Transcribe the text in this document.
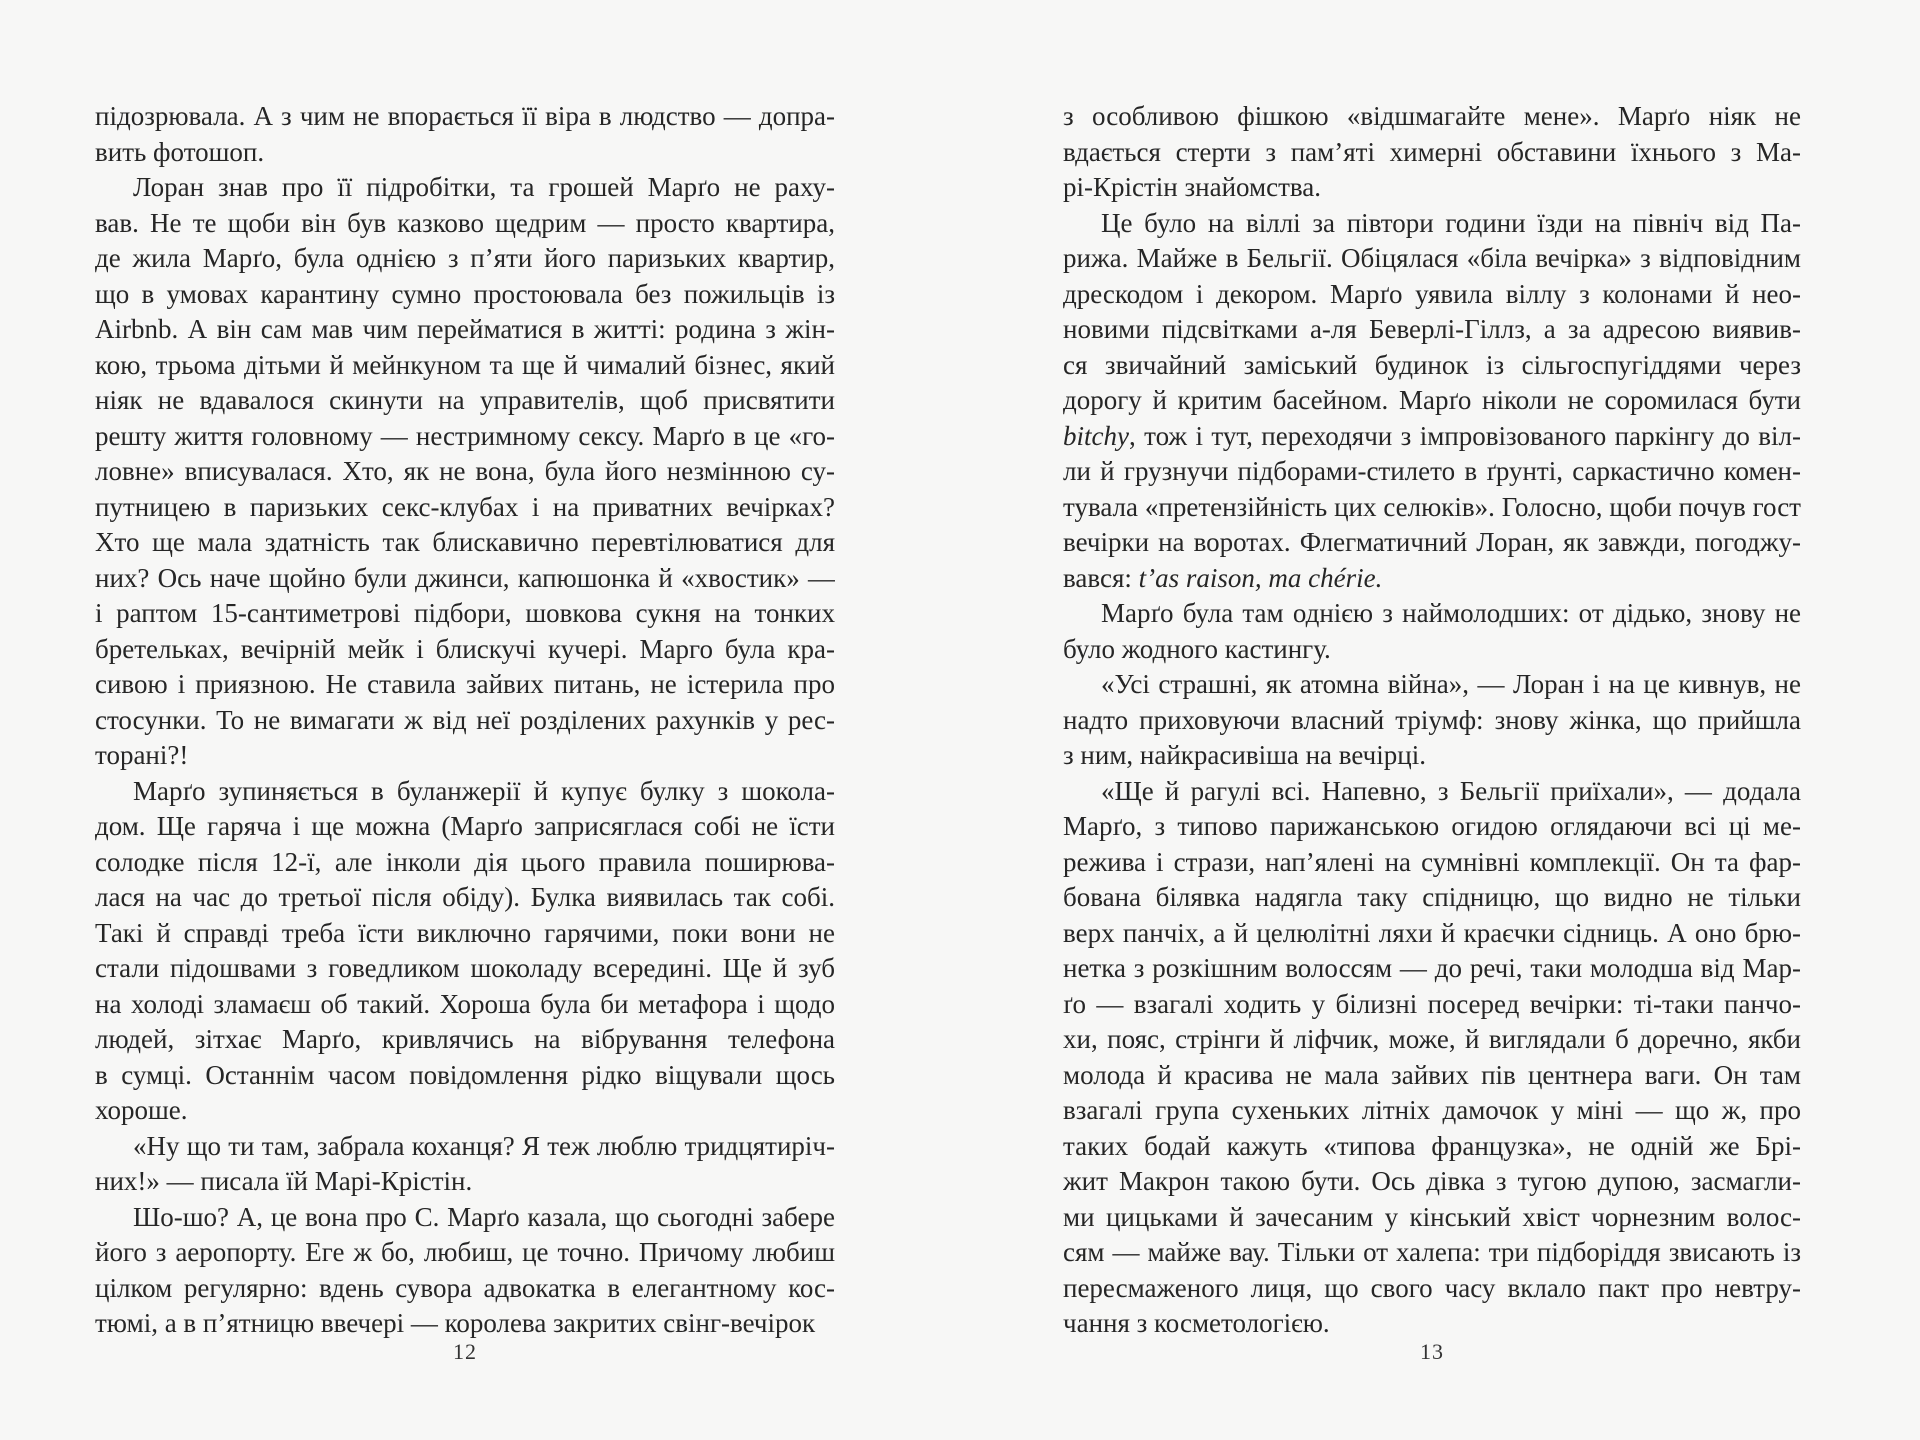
підозрювала. А з чим не впорається її віра в людство — допра-
вить фотошоп.
Лоран знав про її підробітки, та грошей Марґо не раху-
вав. Не те щоби він був казково щедрим — просто квартира,
де жила Марґо, була однією з п’яти його паризьких квартир,
що в умовах карантину сумно простоювала без пожильців із
Airbnb. А він сам мав чим перейматися в житті: родина з жін-
кою, трьома дітьми й мейнкуном та ще й чималий бізнес, який
ніяк не вдавалося скинути на управителів, щоб присвятити
решту життя головному — нестримному сексу. Марґо в це «го-
ловне» вписувалася. Хто, як не вона, була його незмінною су-
путницею в паризьких секс-клубах і на приватних вечірках?
Хто ще мала здатність так блискавично перевтілюватися для
них? Ось наче щойно були джинси, капюшонка й «хвостик» —
і раптом 15-сантиметрові підбори, шовкова сукня на тонких
бретельках, вечірній мейк і блискучі кучері. Марго була кра-
сивою і приязною. Не ставила зайвих питань, не істерила про
стосунки. То не вимагати ж від неї розділених рахунків у рес-
торані?!
Марґо зупиняється в буланжерії й купує булку з шокола-
дом. Ще гаряча і ще можна (Марґо заприсяглася собі не їсти
солодке після 12-ї, але інколи дія цього правила поширюва-
лася на час до третьої після обіду). Булка виявилась так собі.
Такі й справді треба їсти виключно гарячими, поки вони не
стали підошвами з говедликом шоколаду всередині. Ще й зуб
на холоді зламаєш об такий. Хороша була би метафора і щодо
людей, зітхає Марґо, кривлячись на вібрування телефона
в сумці. Останнім часом повідомлення рідко віщували щось
хороше.
«Ну що ти там, забрала коханця? Я теж люблю тридцятиріч-
них!» — писала їй Марі-Крістін.
Шо-шо? А, це вона про С. Марґо казала, що сьогодні забере
його з аеропорту. Еге ж бо, любиш, це точно. Причому любиш
цілком регулярно: вдень сувора адвокатка в елегантному кос-
тюмі, а в п’ятницю ввечері — королева закритих свінг-вечірок
з особливою фішкою «відшмагайте мене». Марґо ніяк не
вдається стерти з пам’яті химерні обставини їхнього з Ма-
рі-Крістін знайомства.
Це було на віллі за півтори години їзди на північ від Па-
рижа. Майже в Бельгії. Обіцялася «біла вечірка» з відповідним
дрескодом і декором. Марґо уявила віллу з колонами й нео-
новими підсвітками а-ля Беверлі-Гіллз, а за адресою виявив-
ся звичайний заміський будинок із сільгоспугіддями через
дорогу й критим басейном. Марґо ніколи не соромилася бути
bitchy, тож і тут, переходячи з імпровізованого паркінгу до віл-
ли й грузнучи підборами-стилето в ґрунті, саркастично комен-
тувала «претензійність цих селюків». Голосно, щоби почув гост
вечірки на воротах. Флегматичний Лоран, як завжди, погоджу-
вався: t’as raison, ma chérie.
Марґо була там однією з наймолодших: от дідько, знову не
було жодного кастингу.
«Усі страшні, як атомна війна», — Лоран і на це кивнув, не
надто приховуючи власний тріумф: знову жінка, що прийшла
з ним, найкрасивіша на вечірці.
«Ще й рагулі всі. Напевно, з Бельгії приїхали», — додала
Марґо, з типово парижанською огидою оглядаючи всі ці ме-
режива і стрази, нап’ялені на сумнівні комплекції. Он та фар-
бована білявка надягла таку спідницю, що видно не тільки
верх панчіх, а й целюлітні ляхи й краєчки сідниць. А оно брю-
нетка з розкішним волоссям — до речі, таки молодша від Мар-
ґо — взагалі ходить у білизні посеред вечірки: ті-таки панчо-
хи, пояс, стрінги й ліфчик, може, й виглядали б доречно, якби
молода й красива не мала зайвих пів центнера ваги. Он там
взагалі група сухеньких літніх дамочок у міні — що ж, про
таких бодай кажуть «типова французка», не одній же Брі-
жит Макрон такою бути. Ось дівка з тугою дупою, засмагли-
ми цицьками й зачесаним у кінський хвіст чорнезним волос-
сям — майже вау. Тільки от халепа: три підборіддя звисають із
пересмаженого лиця, що свого часу вклало пакт про невтру-
чання з косметологією.
12	13
